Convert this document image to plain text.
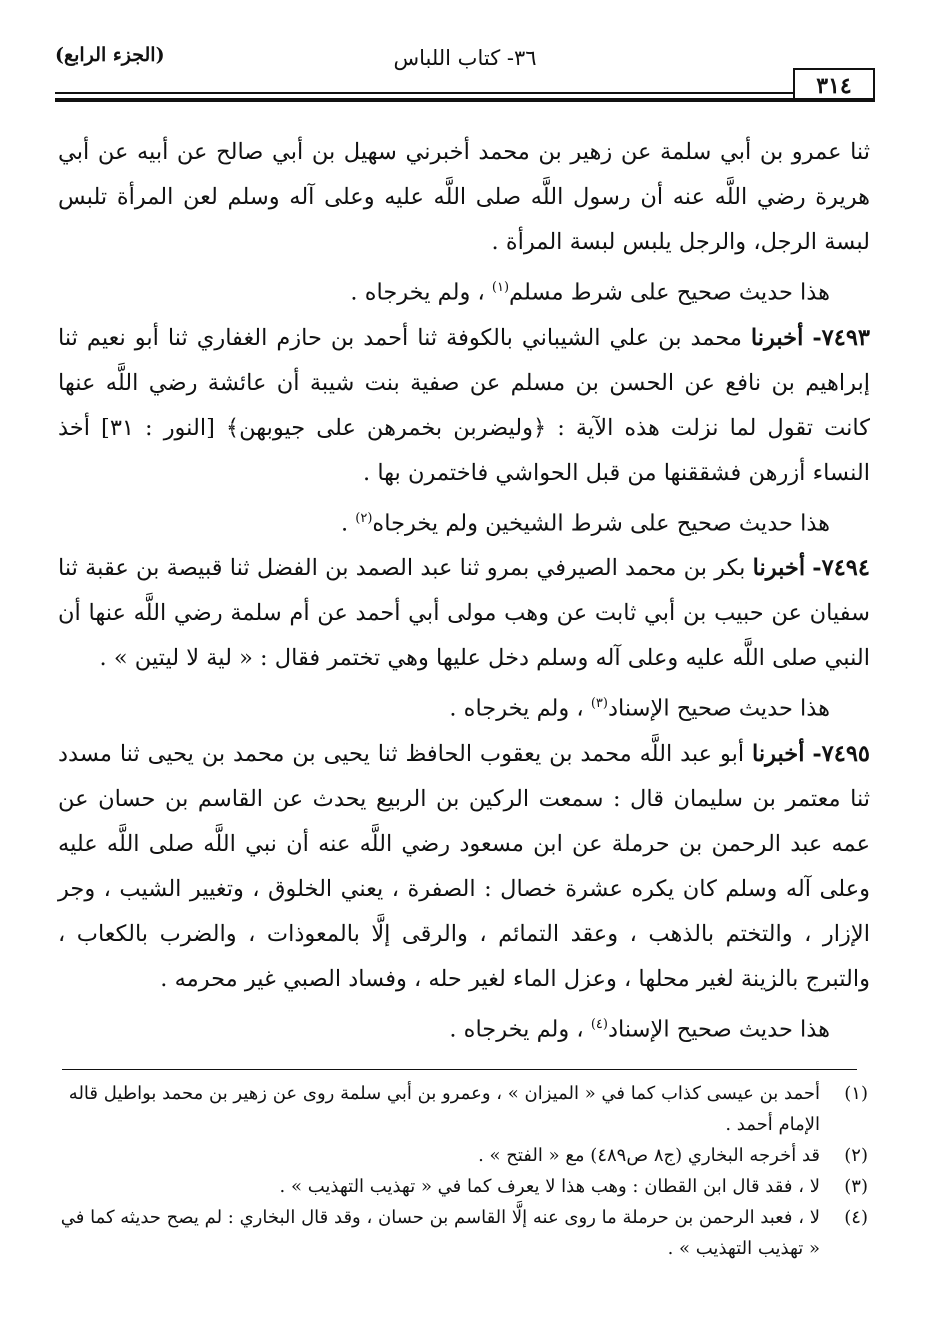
(الجزء الرابع)	٣٦- كتاب اللباس
٣١٤

ثنا عمرو بن أبي سلمة عن زهير بن محمد أخبرني سهيل بن أبي صالح عن أبيه عن أبي هريرة رضي اللَّه عنه أن رسول اللَّه صلى اللَّه عليه وعلى آله وسلم لعن المرأة تلبس لبسة الرجل، والرجل يلبس لبسة المرأة .

هذا حديث صحيح على شرط مسلم$^{(١)}$ ، ولم يخرجاه .

٧٤٩٣- أخبرنا محمد بن علي الشيباني بالكوفة ثنا أحمد بن حازم الغفاري ثنا أبو نعيم ثنا إبراهيم بن نافع عن الحسن بن مسلم عن صفية بنت شيبة أن عائشة رضي اللَّه عنها كانت تقول لما نزلت هذه الآية : ﴿وليضربن بخمرهن على جيوبهن﴾ [النور : ٣١] أخذ النساء أزرهن فشققنها من قبل الحواشي فاختمرن بها .

هذا حديث صحيح على شرط الشيخين ولم يخرجاه$^{(٢)}$ .

٧٤٩٤- أخبرنا بكر بن محمد الصيرفي بمرو ثنا عبد الصمد بن الفضل ثنا قبيصة بن عقبة ثنا سفيان عن حبيب بن أبي ثابت عن وهب مولى أبي أحمد عن أم سلمة رضي اللَّه عنها أن النبي صلى اللَّه عليه وعلى آله وسلم دخل عليها وهي تختمر فقال : « لية لا ليتين » .

هذا حديث صحيح الإسناد$^{(٣)}$ ، ولم يخرجاه .

٧٤٩٥- أخبرنا أبو عبد اللَّه محمد بن يعقوب الحافظ ثنا يحيى بن محمد بن يحيى ثنا مسدد ثنا معتمر بن سليمان قال : سمعت الركين بن الربيع يحدث عن القاسم بن حسان عن عمه عبد الرحمن بن حرملة عن ابن مسعود رضي اللَّه عنه أن نبي اللَّه صلى اللَّه عليه وعلى آله وسلم كان يكره عشرة خصال : الصفرة ، يعني الخلوق ، وتغيير الشيب ، وجر الإزار ، والتختم بالذهب ، وعقد التمائم ، والرقى إلَّا بالمعوذات ، والضرب بالكعاب ، والتبرج بالزينة لغير محلها ، وعزل الماء لغير حله ، وفساد الصبي غير محرمه .

هذا حديث صحيح الإسناد$^{(٤)}$ ، ولم يخرجاه .

(١)
أحمد بن عيسى كذاب كما في « الميزان » ، وعمرو بن أبي سلمة روى عن زهير بن محمد بواطيل قاله الإمام أحمد .

(٢)
قد أخرجه البخاري (ج٨ ص٤٨٩) مع « الفتح » .

(٣)
لا ، فقد قال ابن القطان : وهب هذا لا يعرف كما في « تهذيب التهذيب » .

(٤)
لا ، فعبد الرحمن بن حرملة ما روى عنه إلَّا القاسم بن حسان ، وقد قال البخاري : لم يصح حديثه كما في « تهذيب التهذيب » .
